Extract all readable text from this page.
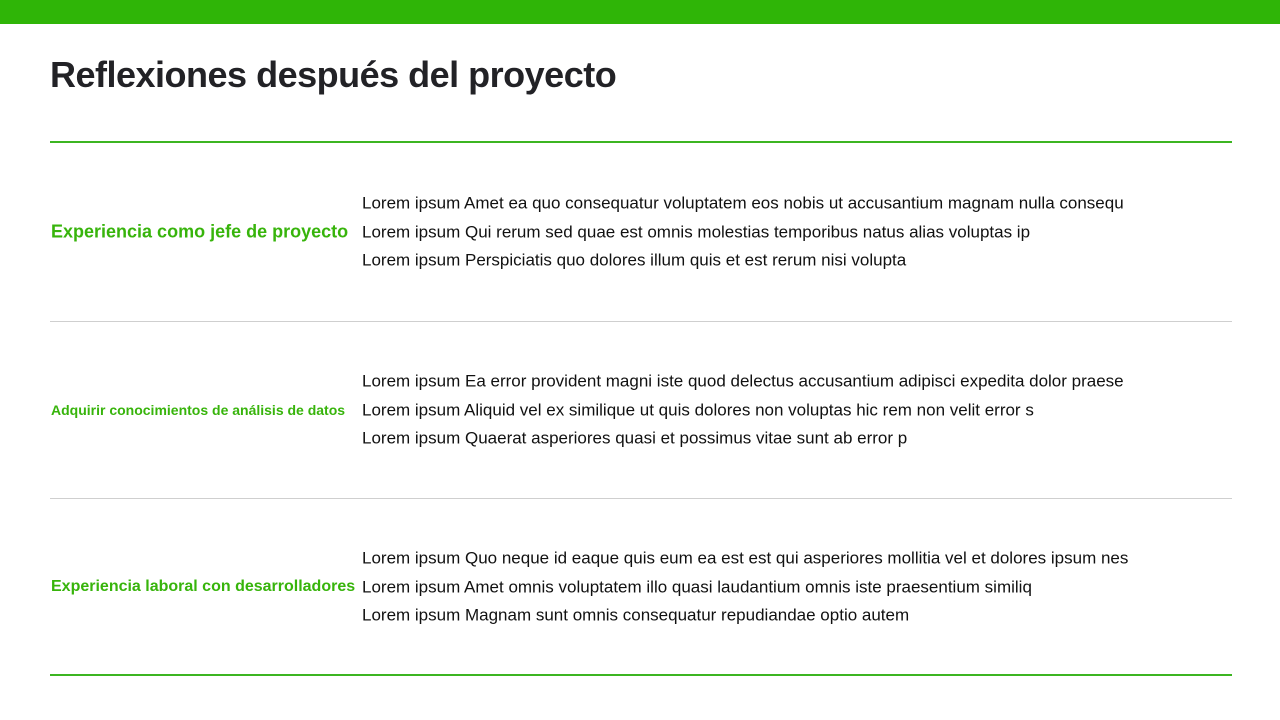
Reflexiones después del proyecto
Experiencia como jefe de proyecto
Lorem ipsum Amet ea quo consequatur voluptatem eos nobis ut accusantium magnam nulla consequ
Lorem ipsum Qui rerum sed quae est omnis molestias temporibus natus alias voluptas ip
Lorem ipsum Perspiciatis quo dolores illum quis et est rerum nisi volupta
Adquirir conocimientos de análisis de datos
Lorem ipsum Ea error provident magni iste quod delectus accusantium adipisci expedita dolor praese
Lorem ipsum Aliquid vel ex similique ut quis dolores non voluptas hic rem non velit error s
Lorem ipsum Quaerat asperiores quasi et possimus vitae sunt ab error p
Experiencia laboral con desarrolladores
Lorem ipsum Quo neque id eaque quis eum ea est est qui asperiores mollitia vel et dolores ipsum nes
Lorem ipsum Amet omnis voluptatem illo quasi laudantium omnis iste praesentium similiq
Lorem ipsum Magnam sunt omnis consequatur repudiandae optio autem
